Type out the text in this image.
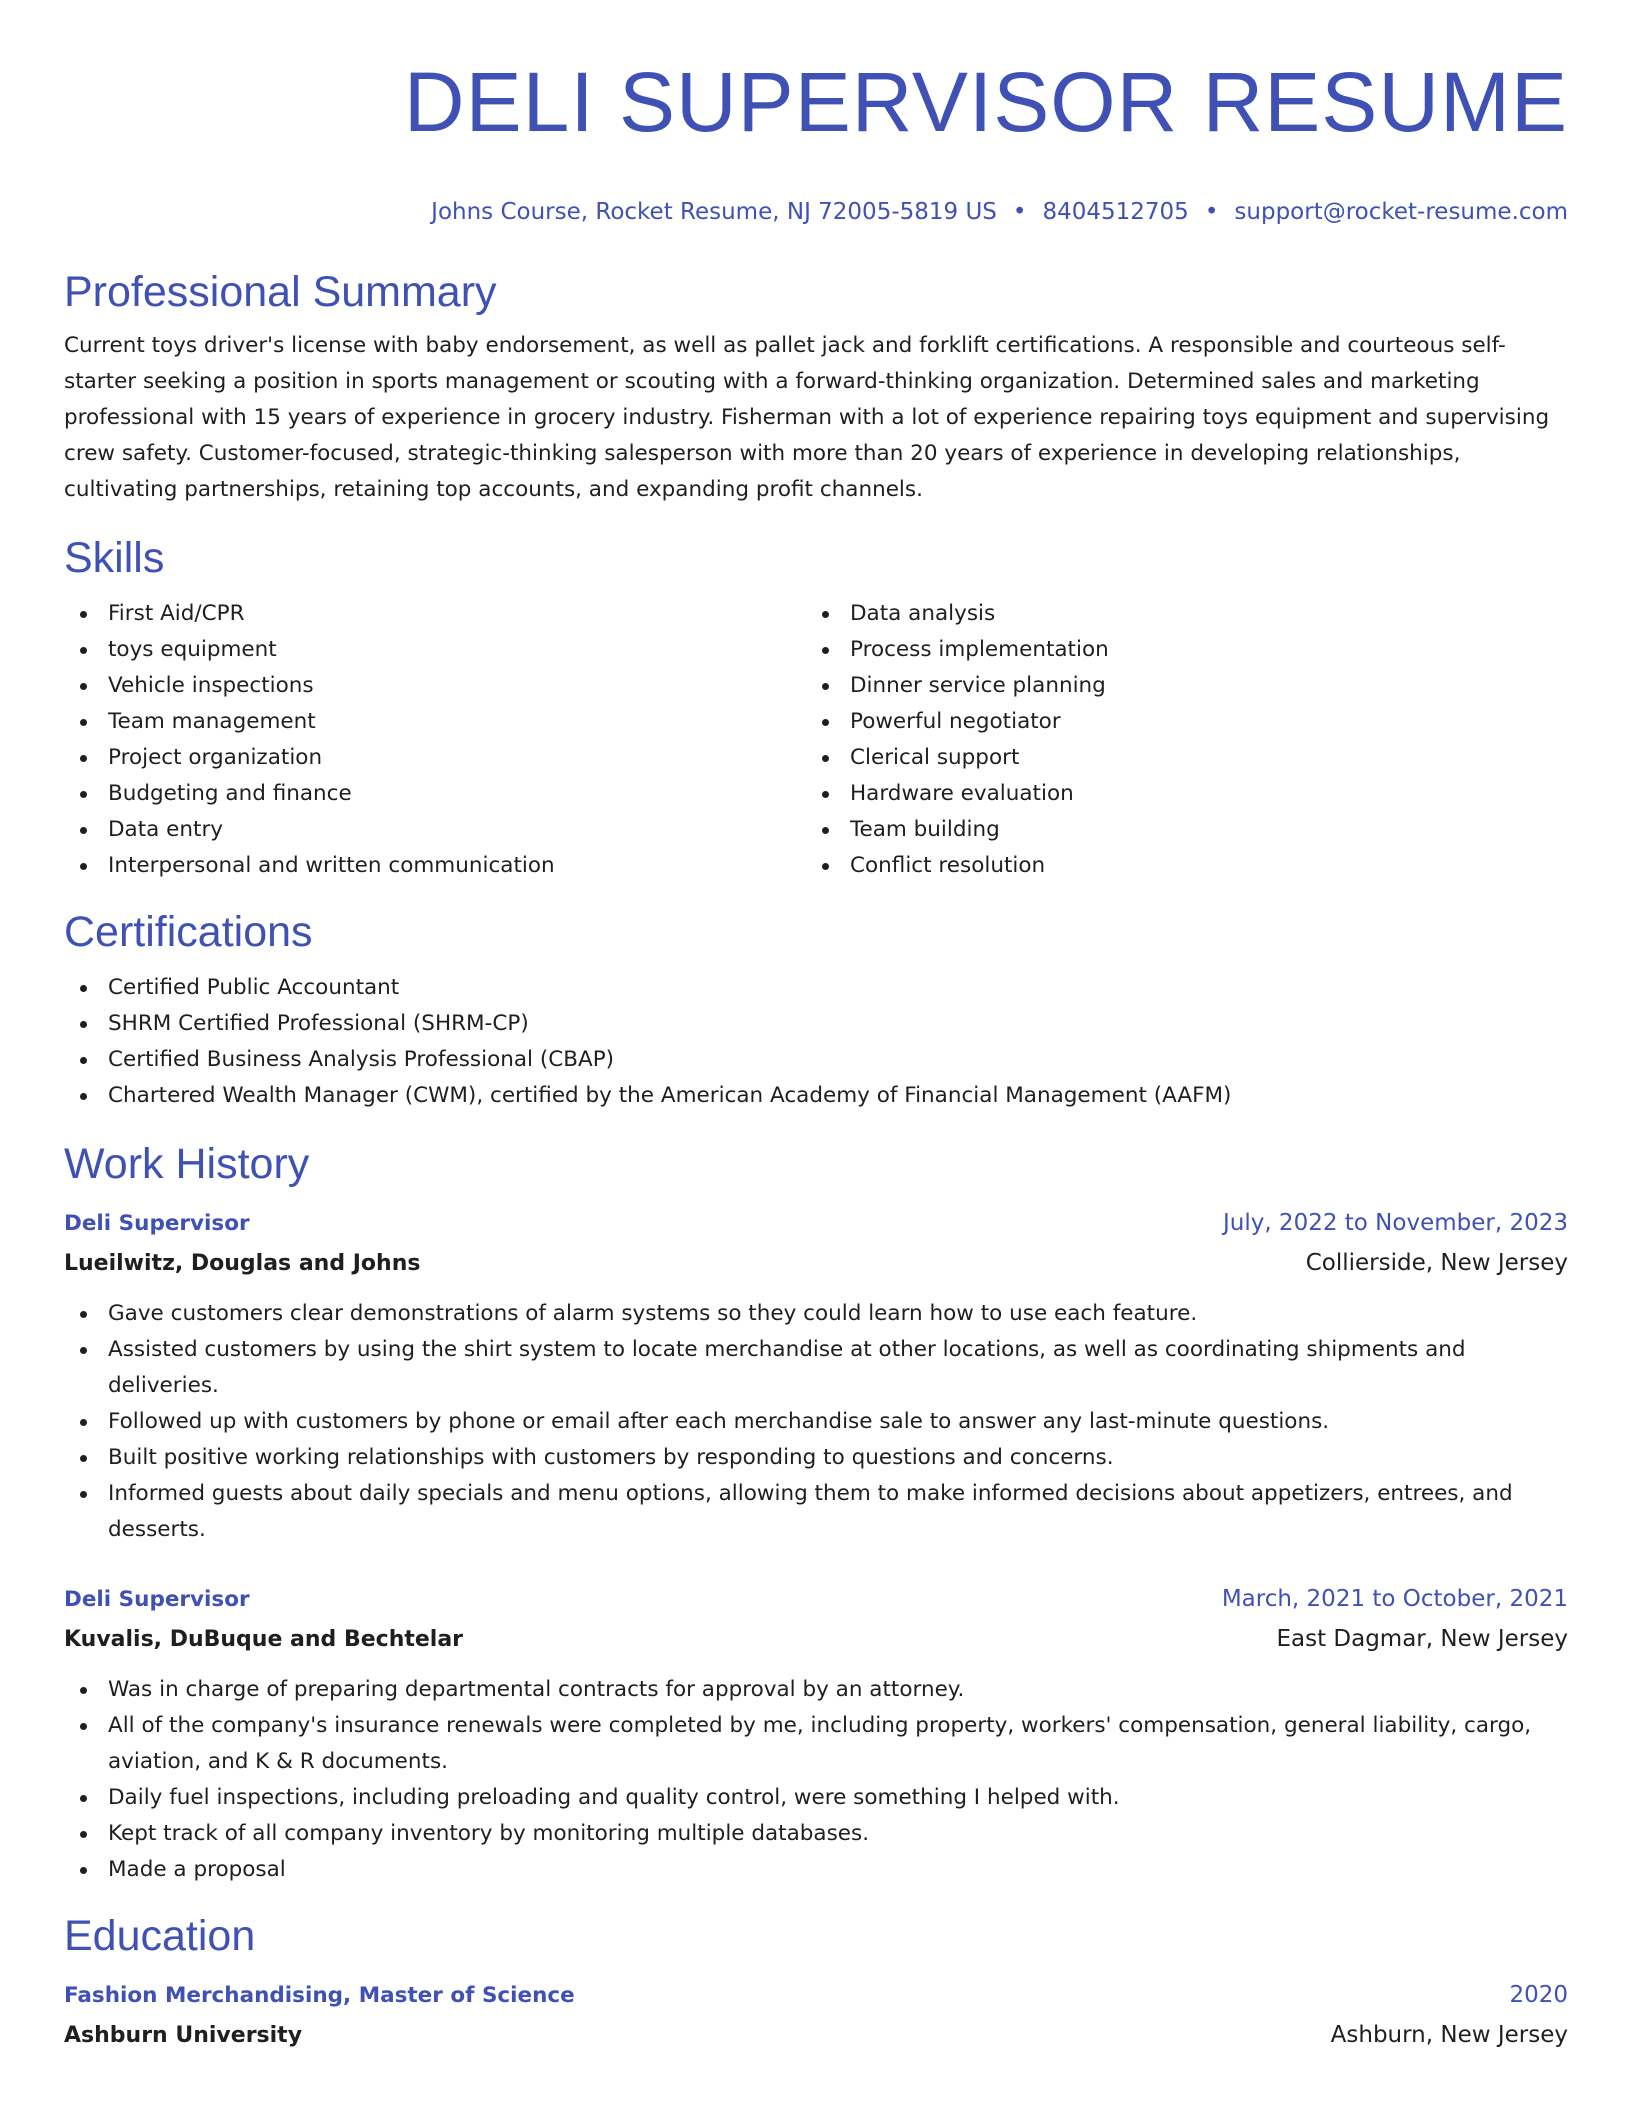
DELI SUPERVISOR RESUME
Johns Course, Rocket Resume, NJ 72005-5819 US • 8404512705 • support@rocket-resume.com
Professional Summary

Current toys driver's license with baby endorsement, as well as pallet jack and forklift certifications. A responsible and courteous self-starter seeking a position in sports management or scouting with a forward-thinking organization. Determined sales and marketing professional with 15 years of experience in grocery industry. Fisherman with a lot of experience repairing toys equipment and supervising crew safety. Customer-focused, strategic-thinking salesperson with more than 20 years of experience in developing relationships, cultivating partnerships, retaining top accounts, and expanding profit channels.

Skills
First Aid/CPR
toys equipment
Vehicle inspections
Team management
Project organization
Budgeting and finance
Data entry
Interpersonal and written communication
Data analysis
Process implementation
Dinner service planning
Powerful negotiator
Clerical support
Hardware evaluation
Team building
Conflict resolution
Certifications
Certified Public Accountant
SHRM Certified Professional (SHRM-CP)
Certified Business Analysis Professional (CBAP)
Chartered Wealth Manager (CWM), certified by the American Academy of Financial Management (AAFM)
Work History
Deli Supervisor	July, 2022 to November, 2023
Lueilwitz, Douglas and Johns	Collierside, New Jersey
Gave customers clear demonstrations of alarm systems so they could learn how to use each feature.
Assisted customers by using the shirt system to locate merchandise at other locations, as well as coordinating shipments and deliveries.
Followed up with customers by phone or email after each merchandise sale to answer any last-minute questions.
Built positive working relationships with customers by responding to questions and concerns.
Informed guests about daily specials and menu options, allowing them to make informed decisions about appetizers, entrees, and desserts.
Deli Supervisor	March, 2021 to October, 2021
Kuvalis, DuBuque and Bechtelar	East Dagmar, New Jersey
Was in charge of preparing departmental contracts for approval by an attorney.
All of the company's insurance renewals were completed by me, including property, workers' compensation, general liability, cargo, aviation, and K & R documents.
Daily fuel inspections, including preloading and quality control, were something I helped with.
Kept track of all company inventory by monitoring multiple databases.
Made a proposal
Education
Fashion Merchandising, Master of Science	2020
Ashburn University	Ashburn, New Jersey
